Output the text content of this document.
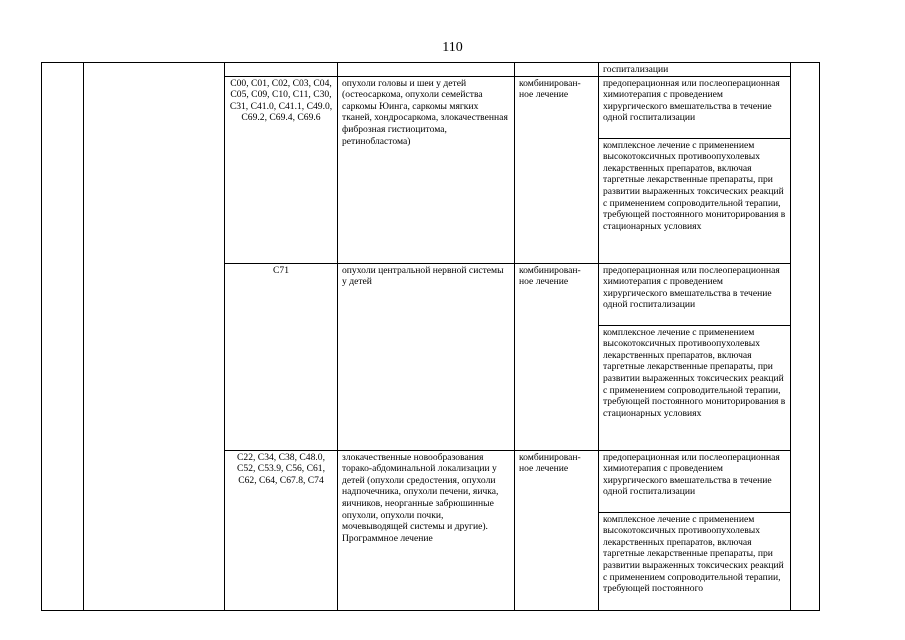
110

					госпитализации	

		C00, C01, C02, C03, C04, C05, C09, C10, C11, C30, C31, C41.0, C41.1, C49.0, C69.2, C69.4, C69.6	опухоли головы и шеи у детей (остеосаркома, опухоли семейства саркомы Юинга, саркомы мягких тканей, хондросаркома, злокачественная фиброзная гистиоцитома, ретинобластома)	комбинирован- ное лечение	предоперационная или послеоперационная химиотерапия с проведением хирургического вмешательства в течение одной госпитализации	

					комплексное лечение с применением высокотоксичных противоопухолевых лекарственных препаратов, включая таргетные лекарственные препараты, при развитии выраженных токсических реакций с применением сопроводительной терапии, требующей постоянного мониторирования в стационарных условиях	

		C71	опухоли центральной нервной системы у детей	комбинирован- ное лечение	предоперационная или послеоперационная химиотерапия с проведением хирургического вмешательства в течение одной госпитализации	

					комплексное лечение с применением высокотоксичных противоопухолевых лекарственных препаратов, включая таргетные лекарственные препараты, при развитии выраженных токсических реакций с применением сопроводительной терапии, требующей постоянного мониторирования в стационарных условиях	

		C22, C34, C38, C48.0, C52, C53.9, C56, C61, C62, C64, C67.8, C74	злокачественные новообразования торако-абдоминальной локализации у детей (опухоли средостения, опухоли надпочечника, опухоли печени, яичка, яичников, неорганные забрюшинные опухоли, опухоли почки, мочевыводящей системы и другие). Программное лечение	комбинирован- ное лечение	предоперационная или послеоперационная химиотерапия с проведением хирургического вмешательства в течение одной госпитализации	

					комплексное лечение с применением высокотоксичных противоопухолевых лекарственных препаратов, включая таргетные лекарственные препараты, при развитии выраженных токсических реакций с применением сопроводительной терапии, требующей постоянного	
